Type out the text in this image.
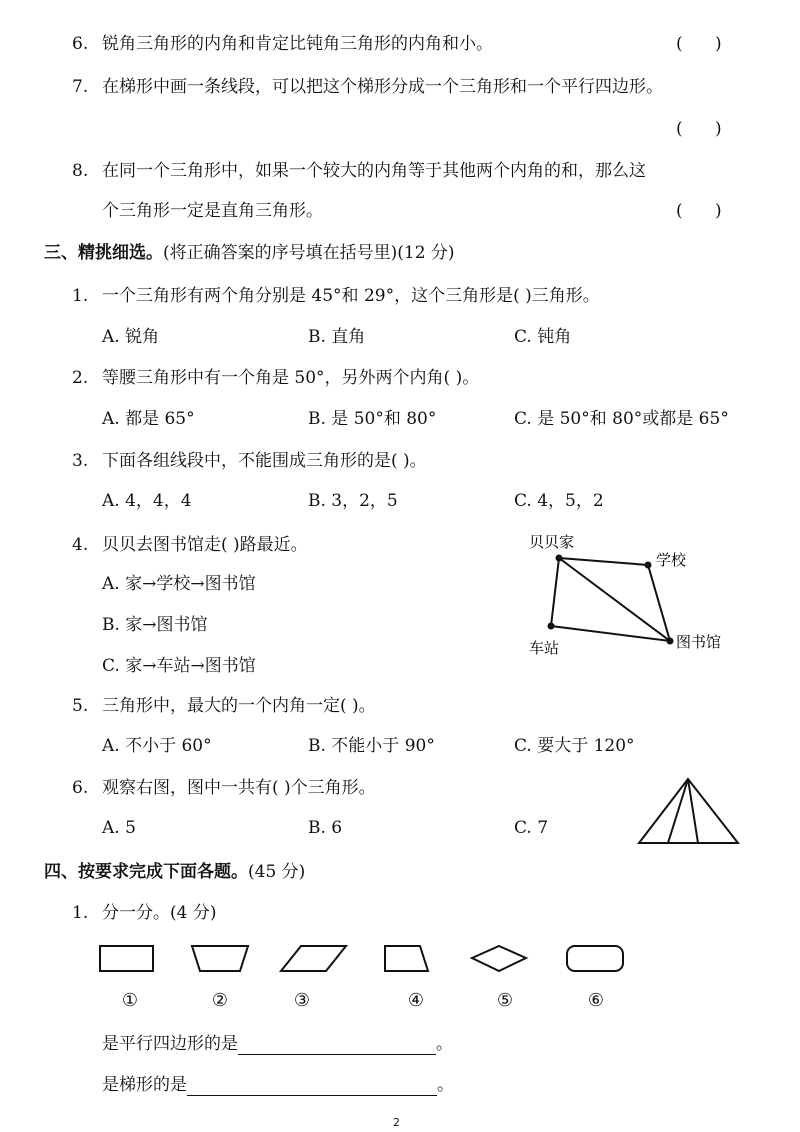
6. 锐角三角形的内角和肯定比钝角三角形的内角和小。	(      )
7. 在梯形中画一条线段，可以把这个梯形分成一个三角形和一个平行四边形。
(      )
8. 在同一个三角形中，如果一个较大的内角等于其他两个内角的和，那么这
个三角形一定是直角三角形。	(      )
三、精挑细选。(将正确答案的序号填在括号里)(12 分)
1. 一个三角形有两个角分别是 45°和 29°，这个三角形是( )三角形。
A. 锐角	B. 直角	C. 钝角
2. 等腰三角形中有一个角是 50°，另外两个内角( )。
A. 都是 65°	B. 是 50°和 80°	C. 是 50°和 80°或都是 65°
3. 下面各组线段中，不能围成三角形的是( )。
A. 4，4，4	B. 3，2，5	C. 4，5，2
4. 贝贝去图书馆走( )路最近。
A. 家→学校→图书馆
B. 家→图书馆
C. 家→车站→图书馆
贝贝家
学校
图书馆
车站
5. 三角形中，最大的一个内角一定( )。
A. 不小于 60°	B. 不能小于 90°	C. 要大于 120°
6. 观察右图，图中一共有( )个三角形。
A. 5	B. 6	C. 7
四、按要求完成下面各题。(45 分)
1. 分一分。(4 分)
①	②	③	④	⑤	⑥
是平行四边形的是	。
是梯形的是	。
2
